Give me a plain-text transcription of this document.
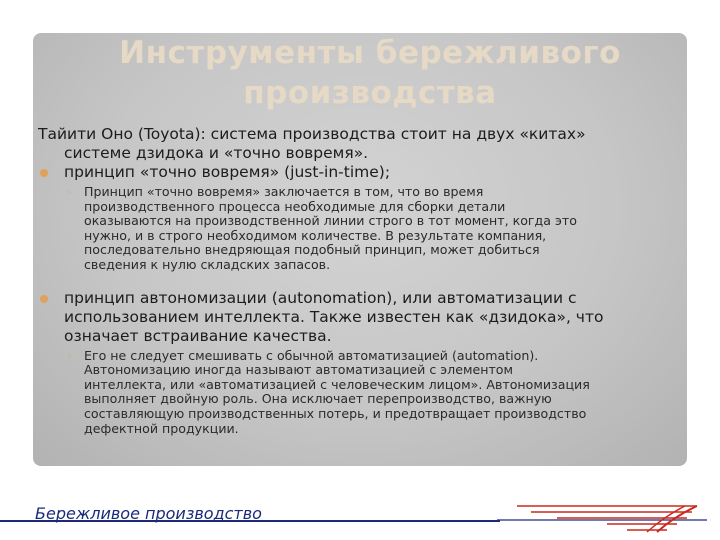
Инструменты бережливого
производства

Тайити Оно (Toyota): система производства стоит на двух «китах»
системе дзидока и «точно вовремя».

принцип «точно вовремя» (just-in-time);
◦ Принцип «точно вовремя» заключается в том, что во время
производственного процесса необходимые для сборки детали
оказываются на производственной линии строго в тот момент, когда это
нужно, и в строго необходимом количестве. В результате компания,
последовательно внедряющая подобный принцип, может добиться
сведения к нулю складских запасов.
принцип автономизации (autonomation), или автоматизации с
использованием интеллекта. Также известен как «дзидока», что
означает встраивание качества.
◦ Его не следует смешивать с обычной автоматизацией (automation).
Автономизацию иногда называют автоматизацией с элементом
интеллекта, или «автоматизацией с человеческим лицом». Автономизация
выполняет двойную роль. Она исключает перепроизводство, важную
составляющую производственных потерь, и предотвращает производство
дефектной продукции.
Бережливое производство
